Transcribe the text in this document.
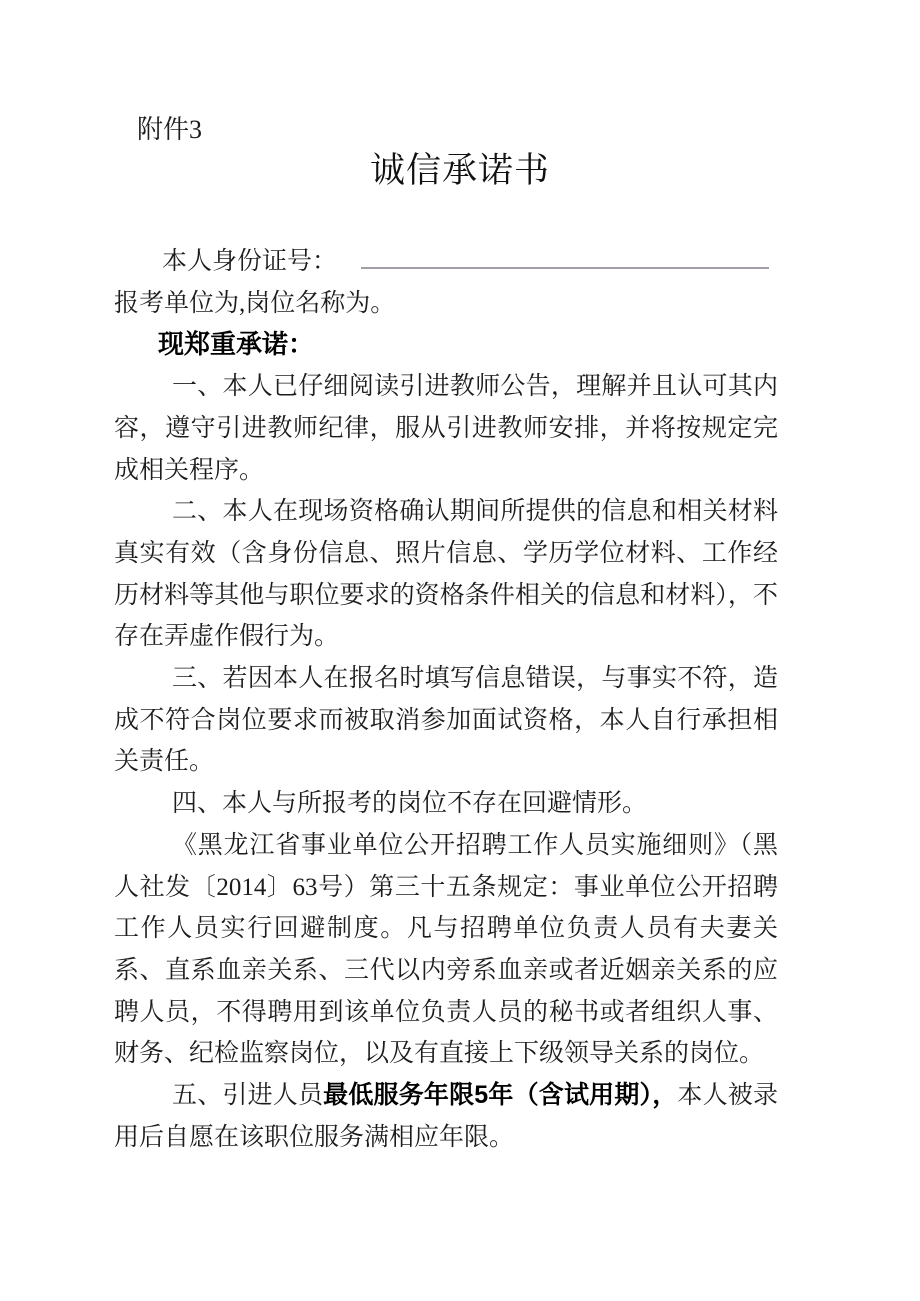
附件3
诚信承诺书

本人身份证号：

报考单位为,岗位名称为。

现郑重承诺：

一、本人已仔细阅读引进教师公告，理解并且认可其内容，遵守引进教师纪律，服从引进教师安排，并将按规定完成相关程序。

二、本人在现场资格确认期间所提供的信息和相关材料真实有效（含身份信息、照片信息、学历学位材料、工作经历材料等其他与职位要求的资格条件相关的信息和材料），不存在弄虚作假行为。

三、若因本人在报名时填写信息错误，与事实不符，造成不符合岗位要求而被取消参加面试资格，本人自行承担相关责任。

四、本人与所报考的岗位不存在回避情形。

《黑龙江省事业单位公开招聘工作人员实施细则》（黑人社发〔2014〕63号）第三十五条规定：事业单位公开招聘工作人员实行回避制度。凡与招聘单位负责人员有夫妻关系、直系血亲关系、三代以内旁系血亲或者近姻亲关系的应聘人员，不得聘用到该单位负责人员的秘书或者组织人事、财务、纪检监察岗位，以及有直接上下级领导关系的岗位。

五、引进人员最低服务年限5年（含试用期），本人被录用后自愿在该职位服务满相应年限。
